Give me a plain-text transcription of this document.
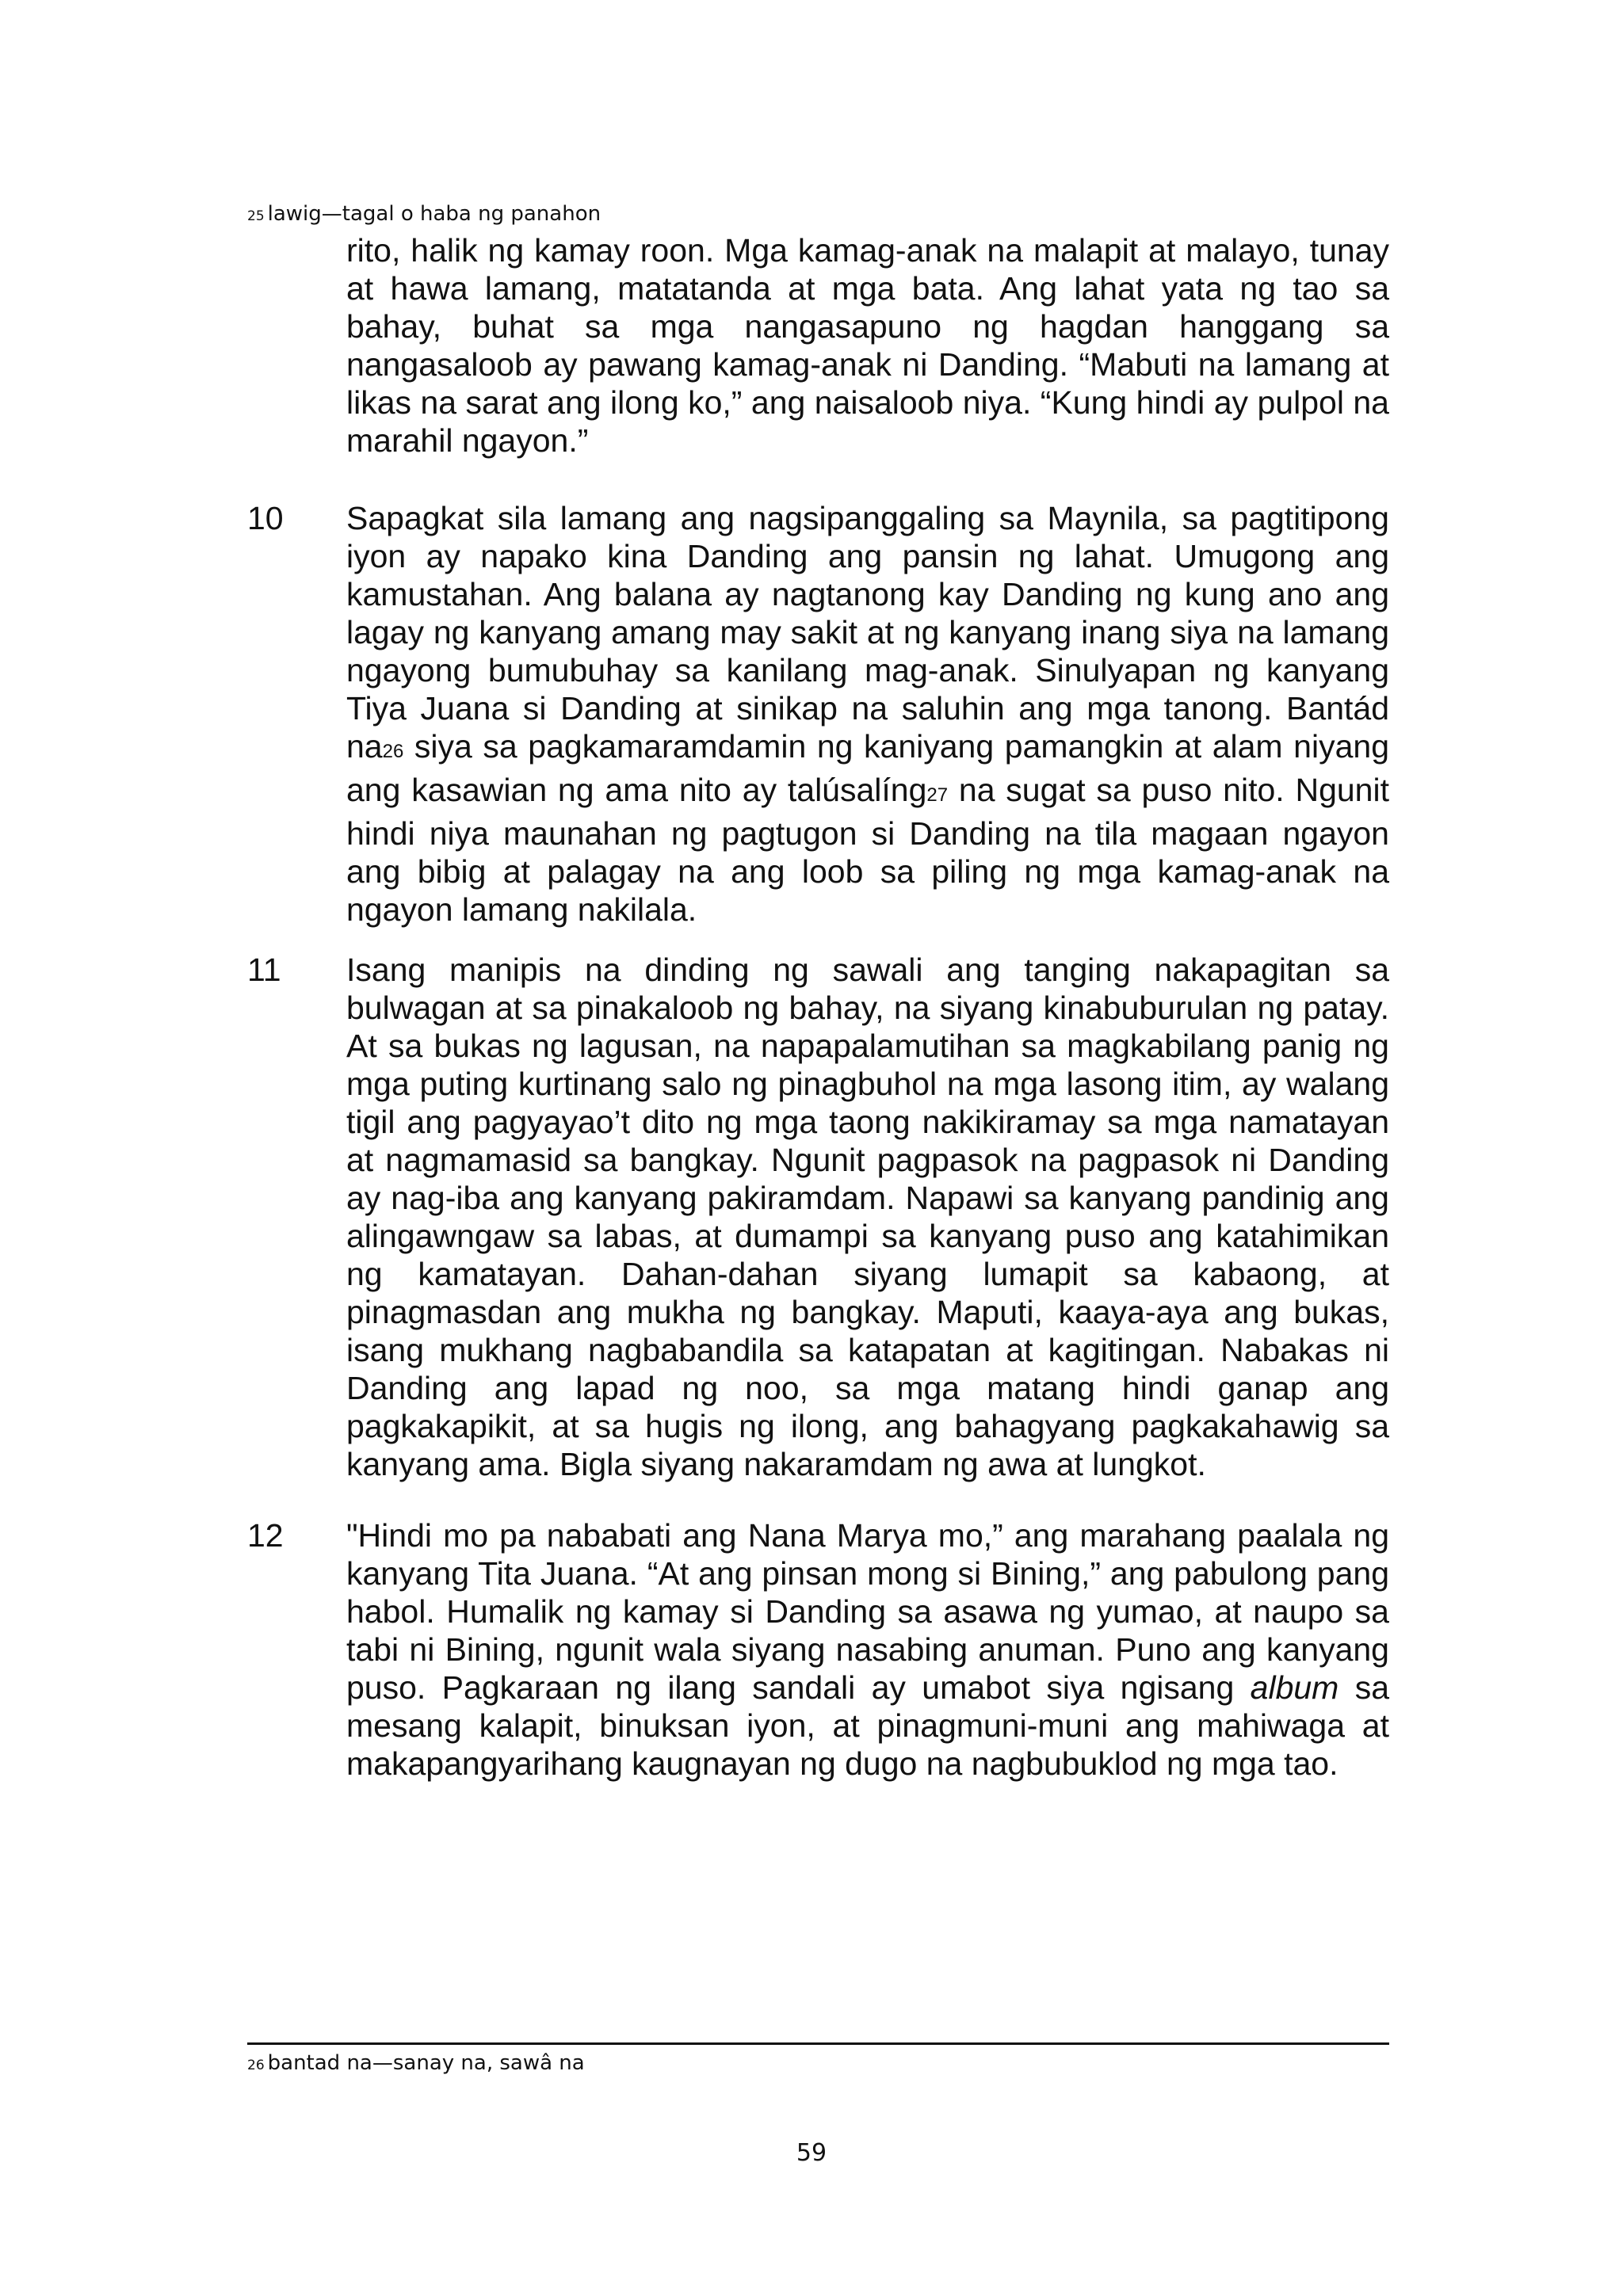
25 lawig—tagal o haba ng panahon

rito, halik ng kamay roon. Mga kamag-anak na malapit at malayo, tunay at hawa lamang, matatanda at mga bata. Ang lahat yata ng tao sa bahay, buhat sa mga nangasapuno ng hagdan hanggang sa nangasaloob ay pawang kamag-anak ni Danding. “Mabuti na lamang at likas na sarat ang ilong ko,” ang naisaloob niya. “Kung hindi ay pulpol na marahil ngayon.”

10	Sapagkat sila lamang ang nagsipanggaling sa Maynila, sa pagtitipong iyon ay napako kina Danding ang pansin ng lahat. Umugong ang kamustahan. Ang balana ay nagtanong kay Danding ng kung ano ang lagay ng kanyang amang may sakit at ng kanyang inang siya na lamang ngayong bumubuhay sa kanilang mag-anak. Sinulyapan ng kanyang Tiya Juana si Danding at sinikap na saluhin ang mga tanong. Bantád na26 siya sa pagkamaramdamin ng kaniyang pamangkin at alam niyang ang kasawian ng ama nito ay talúsalíng27 na sugat sa puso nito. Ngunit hindi niya maunahan ng pagtugon si Danding na tila magaan ngayon ang bibig at palagay na ang loob sa piling ng mga kamag-anak na ngayon lamang nakilala.

11	Isang manipis na dinding ng sawali ang tanging nakapagitan sa bulwagan at sa pinakaloob ng bahay, na siyang kinabuburulan ng patay. At sa bukas ng lagusan, na napapalamutihan sa magkabilang panig ng mga puting kurtinang salo ng pinagbuhol na mga lasong itim, ay walang tigil ang pagyayao’t dito ng mga taong nakikiramay sa mga namatayan at nagmamasid sa bangkay. Ngunit pagpasok na pagpasok ni Danding ay nag-iba ang kanyang pakiramdam. Napawi sa kanyang pandinig ang alingawngaw sa labas, at dumampi sa kanyang puso ang katahimikan ng kamatayan. Dahan-dahan siyang lumapit sa kabaong, at pinagmasdan ang mukha ng bangkay. Maputi, kaaya-aya ang bukas, isang mukhang nagbabandila sa katapatan at kagitingan. Nabakas ni Danding ang lapad ng noo, sa mga matang hindi ganap ang pagkakapikit, at sa hugis ng ilong, ang bahagyang pagkakahawig sa kanyang ama. Bigla siyang nakaramdam ng awa at lungkot.

12	"Hindi mo pa nababati ang Nana Marya mo,” ang marahang paalala ng kanyang Tita Juana. “At ang pinsan mong si Bining,” ang pabulong pang habol. Humalik ng kamay si Danding sa asawa ng yumao, at naupo sa tabi ni Bining, ngunit wala siyang nasabing anuman. Puno ang kanyang puso. Pagkaraan ng ilang sandali ay umabot siya ngisang album sa mesang kalapit, binuksan iyon, at pinagmuni-muni ang mahiwaga at makapangyarihang kaugnayan ng dugo na nagbubuklod ng mga tao.

26 bantad na—sanay na, sawâ na
59
